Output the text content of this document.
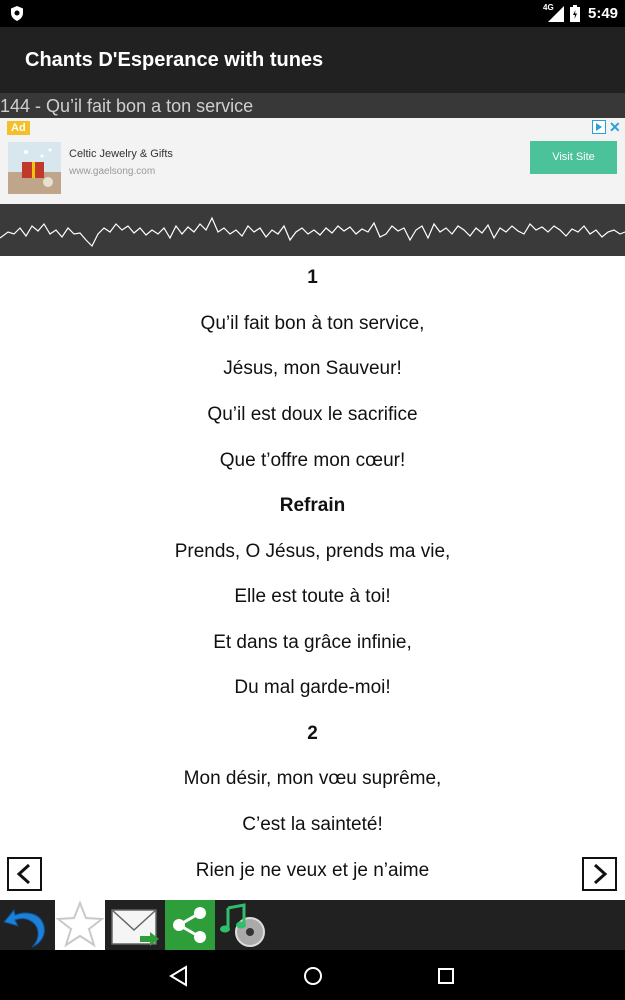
4G 5:49
Chants D'Esperance with tunes
144 - Qu’il fait bon a ton service
Ad
Celtic Jewelry & Gifts
www.gaelsong.com
Visit Site
✕
1
Qu’il fait bon à ton service,
Jésus, mon Sauveur!
Qu’il est doux le sacrifice
Que t’offre mon cœur!
Refrain
Prends, O Jésus, prends ma vie,
Elle est toute à toi!
Et dans ta grâce infinie,
Du mal garde-moi!
2
Mon désir, mon vœu suprême,
C’est la sainteté!
Rien je ne veux et je n’aime
